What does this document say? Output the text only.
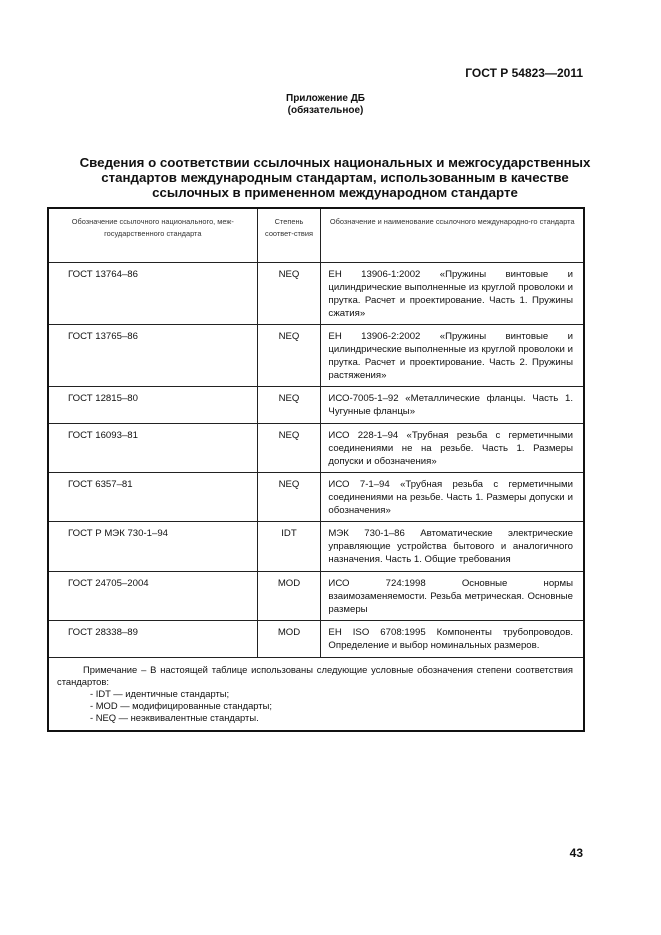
ГОСТ Р 54823—2011
Приложение ДБ
(обязательное)
Сведения о соответствии ссылочных национальных и межгосударственных
стандартов международным стандартам, использованным в качестве
ссылочных в примененном международном стандарте
Обозначение ссылочного национального, меж-государственного стандарта	Степень соответ-ствия	Обозначение и наименование ссылочного международно-го стандарта
ГОСТ 13764–86	NEQ	ЕН 13906-1:2002 «Пружины винтовые и цилиндрические выполненные из круглой проволоки и прутка. Расчет и проектирование. Часть 1. Пружины сжатия»
ГОСТ 13765–86	NEQ	ЕН 13906-2:2002 «Пружины винтовые и цилиндрические выполненные из круглой проволоки и прутка. Расчет и проектирование. Часть 2. Пружины растяжения»
ГОСТ 12815–80	NEQ	ИСО-7005-1–92 «Металлические фланцы. Часть 1. Чугунные фланцы»
ГОСТ 16093–81	NEQ	ИСО 228-1–94 «Трубная резьба с герметичными соединениями не на резьбе. Часть 1. Размеры допуски и обозначения»
ГОСТ 6357–81	NEQ	ИСО 7-1–94 «Трубная резьба с герметичными соединениями на резьбе. Часть 1. Размеры допуски и обозначения»
ГОСТ Р МЭК 730-1–94	IDT	МЭК 730-1–86 Автоматические электрические управляющие устройства бытового и аналогичного назначения. Часть 1. Общие требования
ГОСТ 24705–2004	MOD	ИСО 724:1998 Основные нормы взаимозаменяемости. Резьба метрическая. Основные размеры
ГОСТ 28338–89	MOD	ЕН ISO 6708:1995 Компоненты трубопроводов. Определение и выбор номинальных размеров.

Примечание – В настоящей таблице использованы следующие условные обозначения степени соответствия стандартов:
- IDT — идентичные стандарты;
- MOD — модифицированные стандарты;
- NEQ — неэквивалентные стандарты.		
43
